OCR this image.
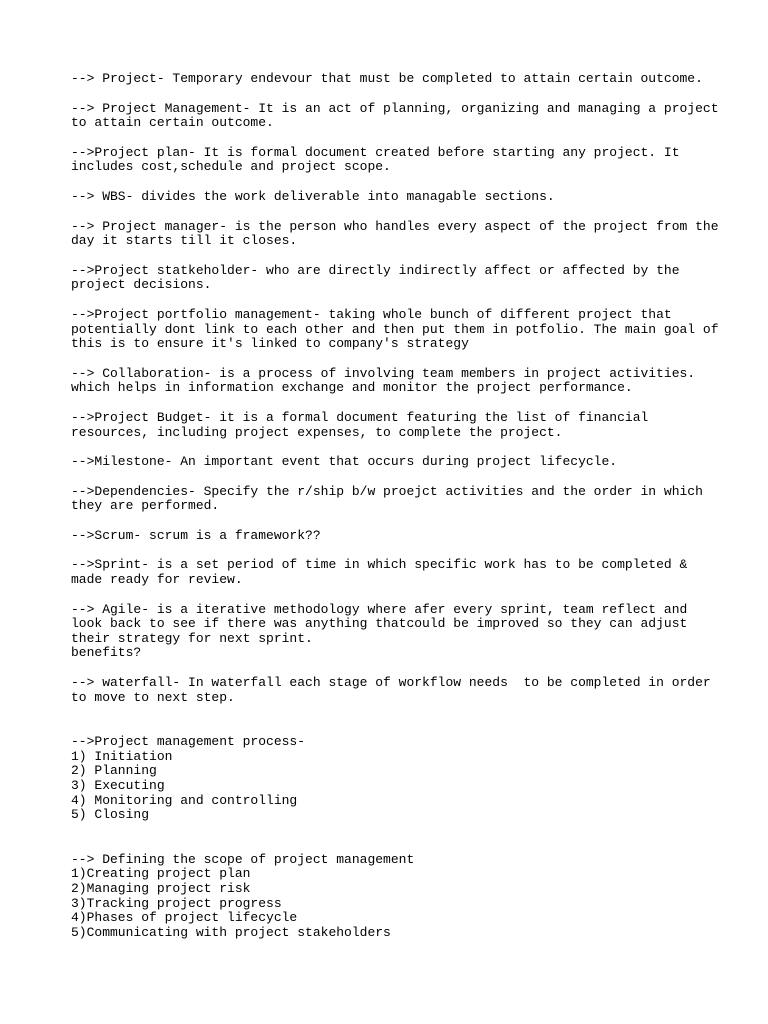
--> Project- Temporary endevour that must be completed to attain certain outcome.

--> Project Management- It is an act of planning, organizing and managing a project
to attain certain outcome.

-->Project plan- It is formal document created before starting any project. It
includes cost,schedule and project scope.

--> WBS- divides the work deliverable into managable sections.

--> Project manager- is the person who handles every aspect of the project from the
day it starts till it closes.

-->Project statkeholder- who are directly indirectly affect or affected by the
project decisions.

-->Project portfolio management- taking whole bunch of different project that
potentially dont link to each other and then put them in potfolio. The main goal of
this is to ensure it's linked to company's strategy

--> Collaboration- is a process of involving team members in project activities.
which helps in information exchange and monitor the project performance.

-->Project Budget- it is a formal document featuring the list of financial
resources, including project expenses, to complete the project.

-->Milestone- An important event that occurs during project lifecycle.

-->Dependencies- Specify the r/ship b/w proejct activities and the order in which
they are performed.

-->Scrum- scrum is a framework??

-->Sprint- is a set period of time in which specific work has to be completed &
made ready for review.

--> Agile- is a iterative methodology where afer every sprint, team reflect and
look back to see if there was anything thatcould be improved so they can adjust
their strategy for next sprint.
benefits?

--> waterfall- In waterfall each stage of workflow needs  to be completed in order
to move to next step.

-->Project management process-
1) Initiation
2) Planning
3) Executing
4) Monitoring and controlling
5) Closing
--> Defining the scope of project management
1)Creating project plan
2)Managing project risk
3)Tracking project progress
4)Phases of project lifecycle
5)Communicating with project stakeholders
